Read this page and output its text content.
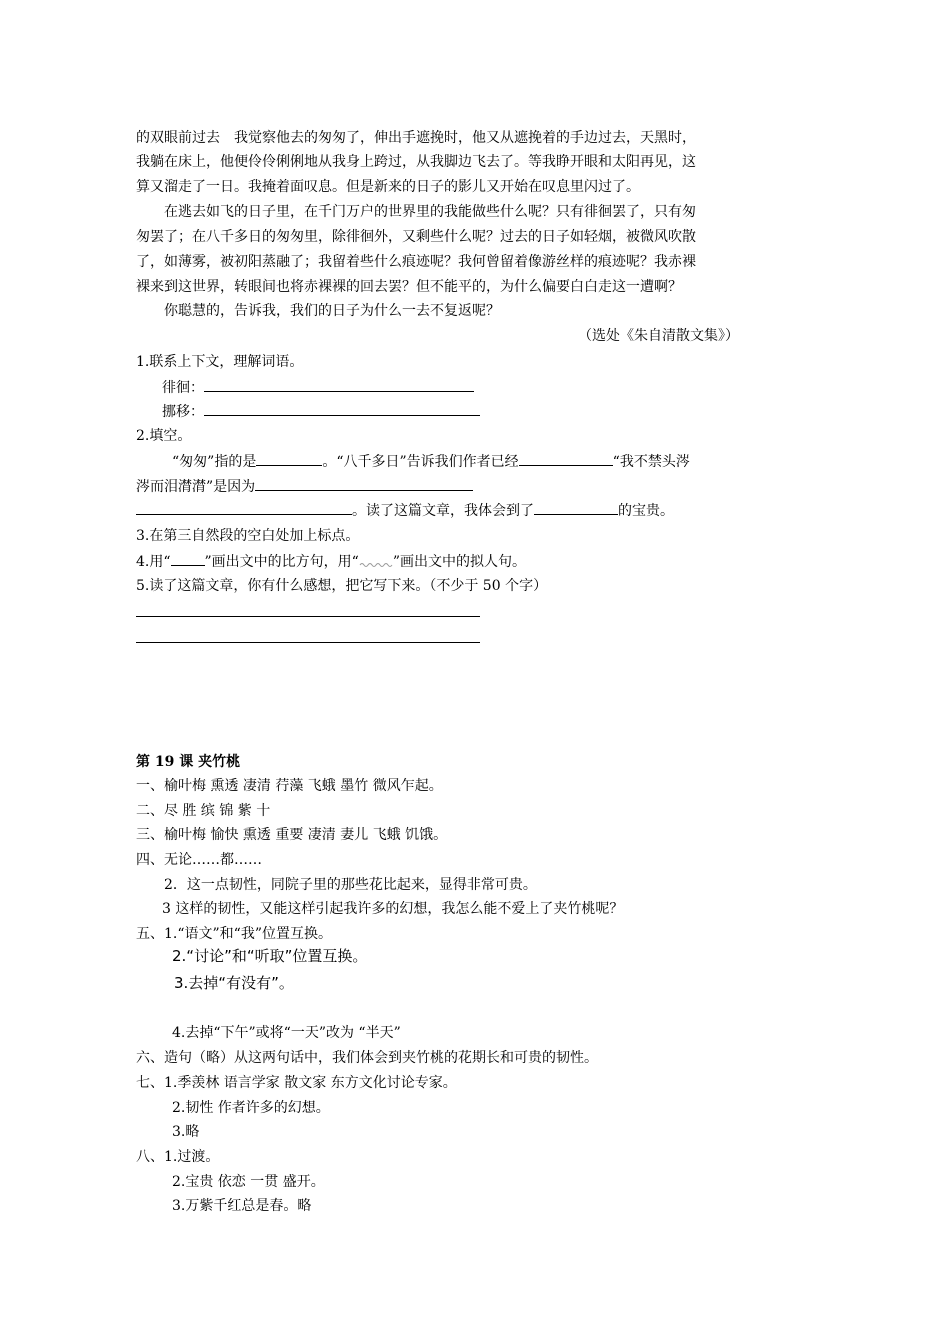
的双眼前过去　我觉察他去的匆匆了，伸出手遮挽时，他又从遮挽着的手边过去，天黑时，
我躺在床上，他便伶伶俐俐地从我身上跨过，从我脚边飞去了。等我睁开眼和太阳再见，这
算又溜走了一日。我掩着面叹息。但是新来的日子的影儿又开始在叹息里闪过了。
　　在逃去如飞的日子里，在千门万户的世界里的我能做些什么呢？只有徘徊罢了，只有匆
匆罢了；在八千多日的匆匆里，除徘徊外，又剩些什么呢？过去的日子如轻烟，被微风吹散
了，如薄雾，被初阳蒸融了；我留着些什么痕迹呢？我何曾留着像游丝样的痕迹呢？我赤裸
裸来到这世界，转眼间也将赤裸裸的回去罢？但不能平的，为什么偏要白白走这一遭啊？
　　你聪慧的，告诉我，我们的日子为什么一去不复返呢？
（选处《朱自清散文集》）
1.联系上下文，理解词语。
徘徊：
挪移：
2.填空。
“匆匆”指的是	。“八千多日”告诉我们作者已经	“我不禁头涔
涔而泪潸潸”是因为
。读了这篇文章，我体会到了	的宝贵。
3.在第三自然段的空白处加上标点。
4.用“ ”画出文中的比方句，用“ ”画出文中的拟人句。
5.读了这篇文章，你有什么感想，把它写下来。（不少于 50 个字）
第 19 课 夹竹桃
一、榆叶梅 熏透 凄清 荇藻 飞蛾 墨竹 微风乍起。
二、尽 胜 缤 锦 紫 十
三、榆叶梅 愉快 熏透 重要 凄清 妻儿 飞蛾 饥饿。
四、无论……都……
2．这一点韧性，同院子里的那些花比起来，显得非常可贵。
3 这样的韧性，又能这样引起我许多的幻想，我怎么能不爱上了夹竹桃呢？
五、1.“语文”和“我”位置互换。
2.“讨论”和“听取”位置互换。
3.去掉“有没有”。
4.去掉“下午”或将“一天”改为 “半天”
六、造句（略）从这两句话中，我们体会到夹竹桃的花期长和可贵的韧性。
七、1.季羡林 语言学家 散文家 东方文化讨论专家。
2.韧性 作者许多的幻想。
3.略
八、1.过渡。
2.宝贵 依恋 一贯 盛开。
3.万紫千红总是春。略
